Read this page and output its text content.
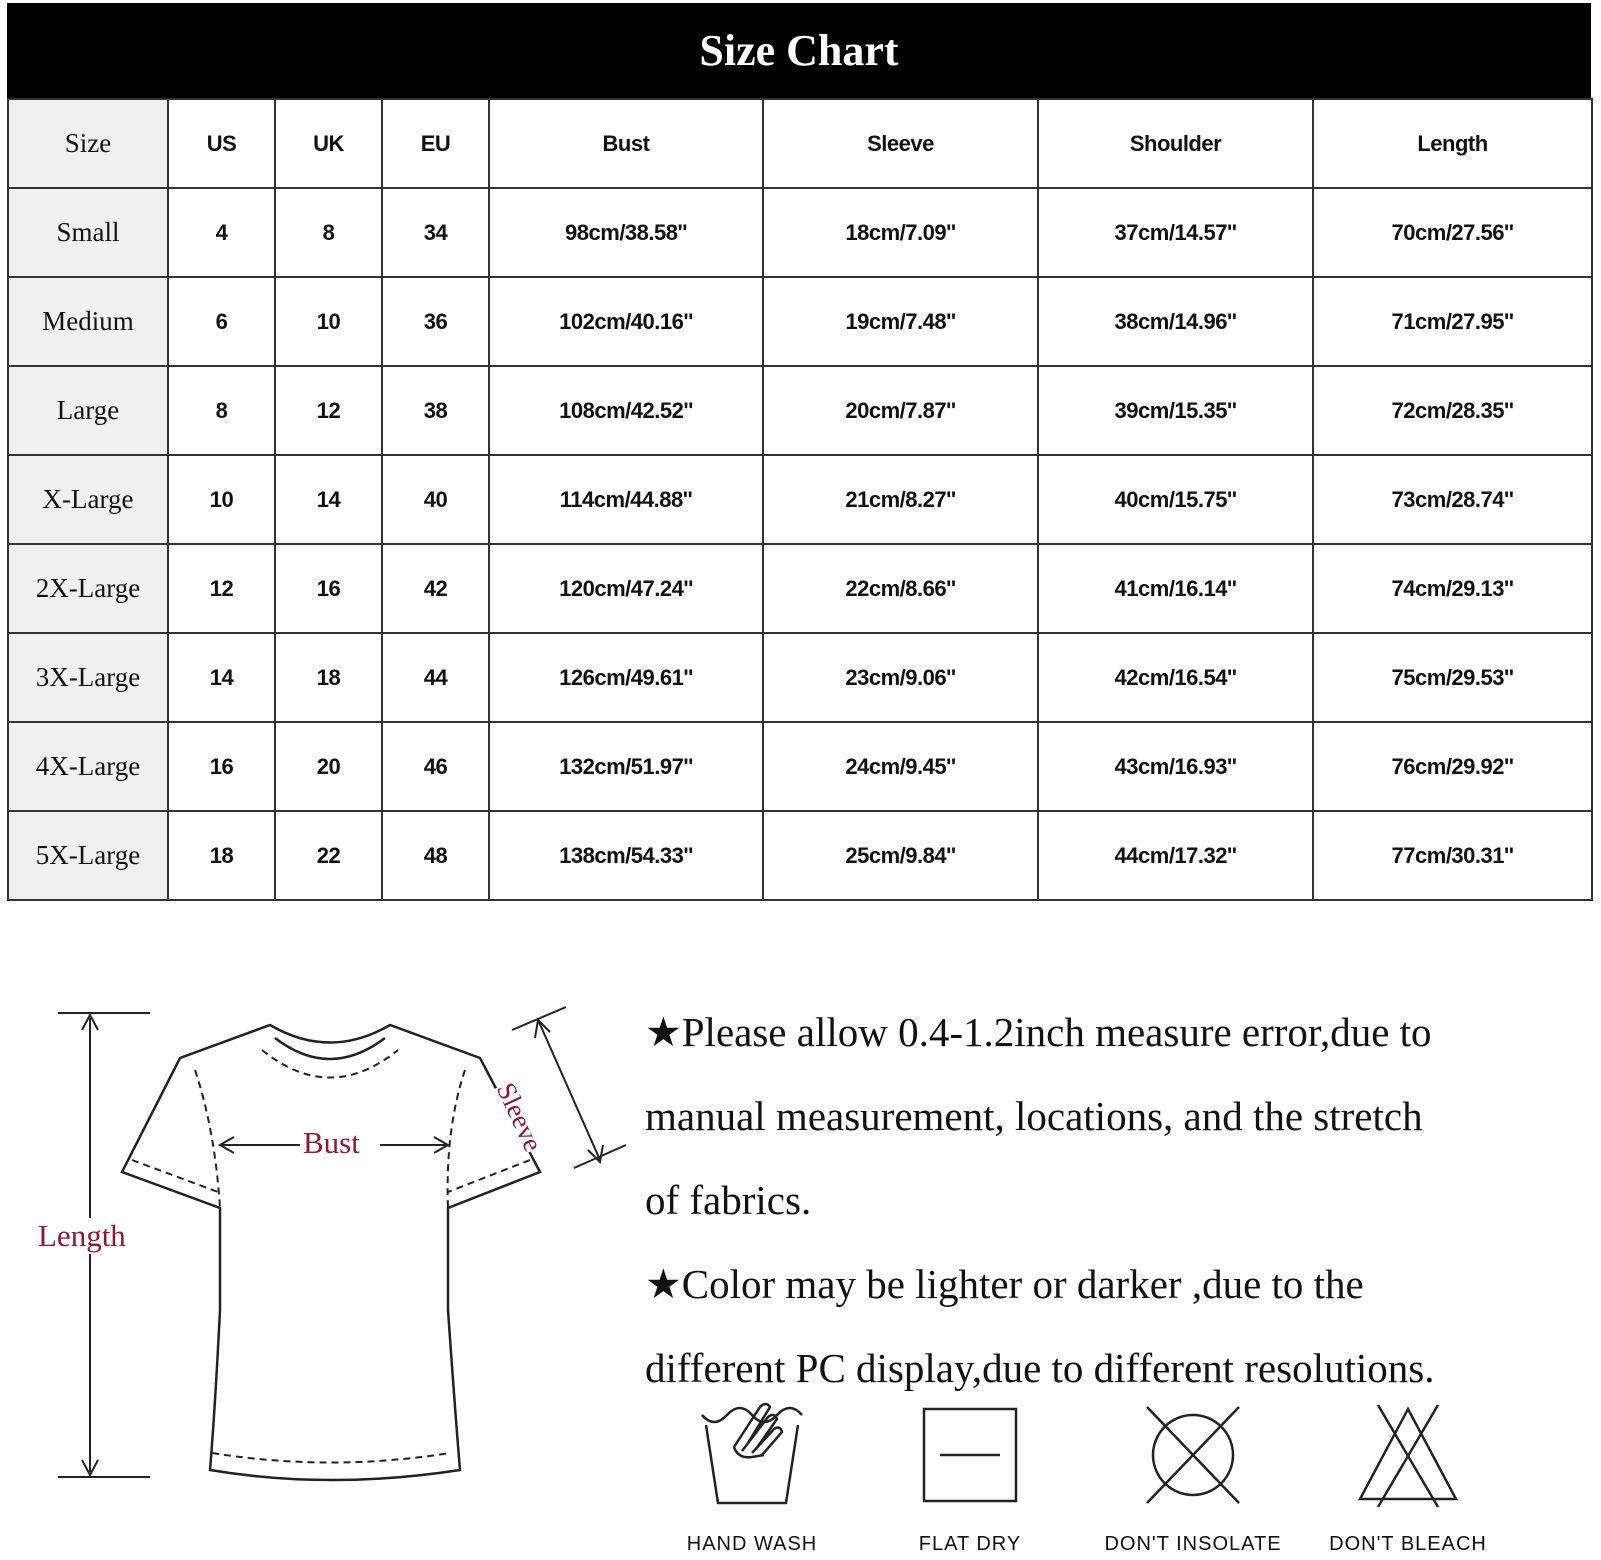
Size Chart
Size	US	UK	EU	Bust	Sleeve	Shoulder	Length
Small	4	8	34	98cm/38.58''	18cm/7.09''	37cm/14.57''	70cm/27.56''
Medium	6	10	36	102cm/40.16''	19cm/7.48''	38cm/14.96''	71cm/27.95''
Large	8	12	38	108cm/42.52''	20cm/7.87''	39cm/15.35''	72cm/28.35''
X-Large	10	14	40	114cm/44.88''	21cm/8.27''	40cm/15.75''	73cm/28.74''
2X-Large	12	16	42	120cm/47.24''	22cm/8.66''	41cm/16.14''	74cm/29.13''
3X-Large	14	18	44	126cm/49.61''	23cm/9.06''	42cm/16.54''	75cm/29.53''
4X-Large	16	20	46	132cm/51.97''	24cm/9.45''	43cm/16.93''	76cm/29.92''
5X-Large	18	22	48	138cm/54.33''	25cm/9.84''	44cm/17.32''	77cm/30.31''
Bust
Length
Sleeve

★Please allow 0.4-1.2inch measure error,due to

manual measurement, locations, and the stretch

of fabrics.

★Color may be lighter or darker ,due to the

different PC display,due to different resolutions.

HAND WASH	FLAT DRY	DON'T INSOLATE	DON'T BLEACH
